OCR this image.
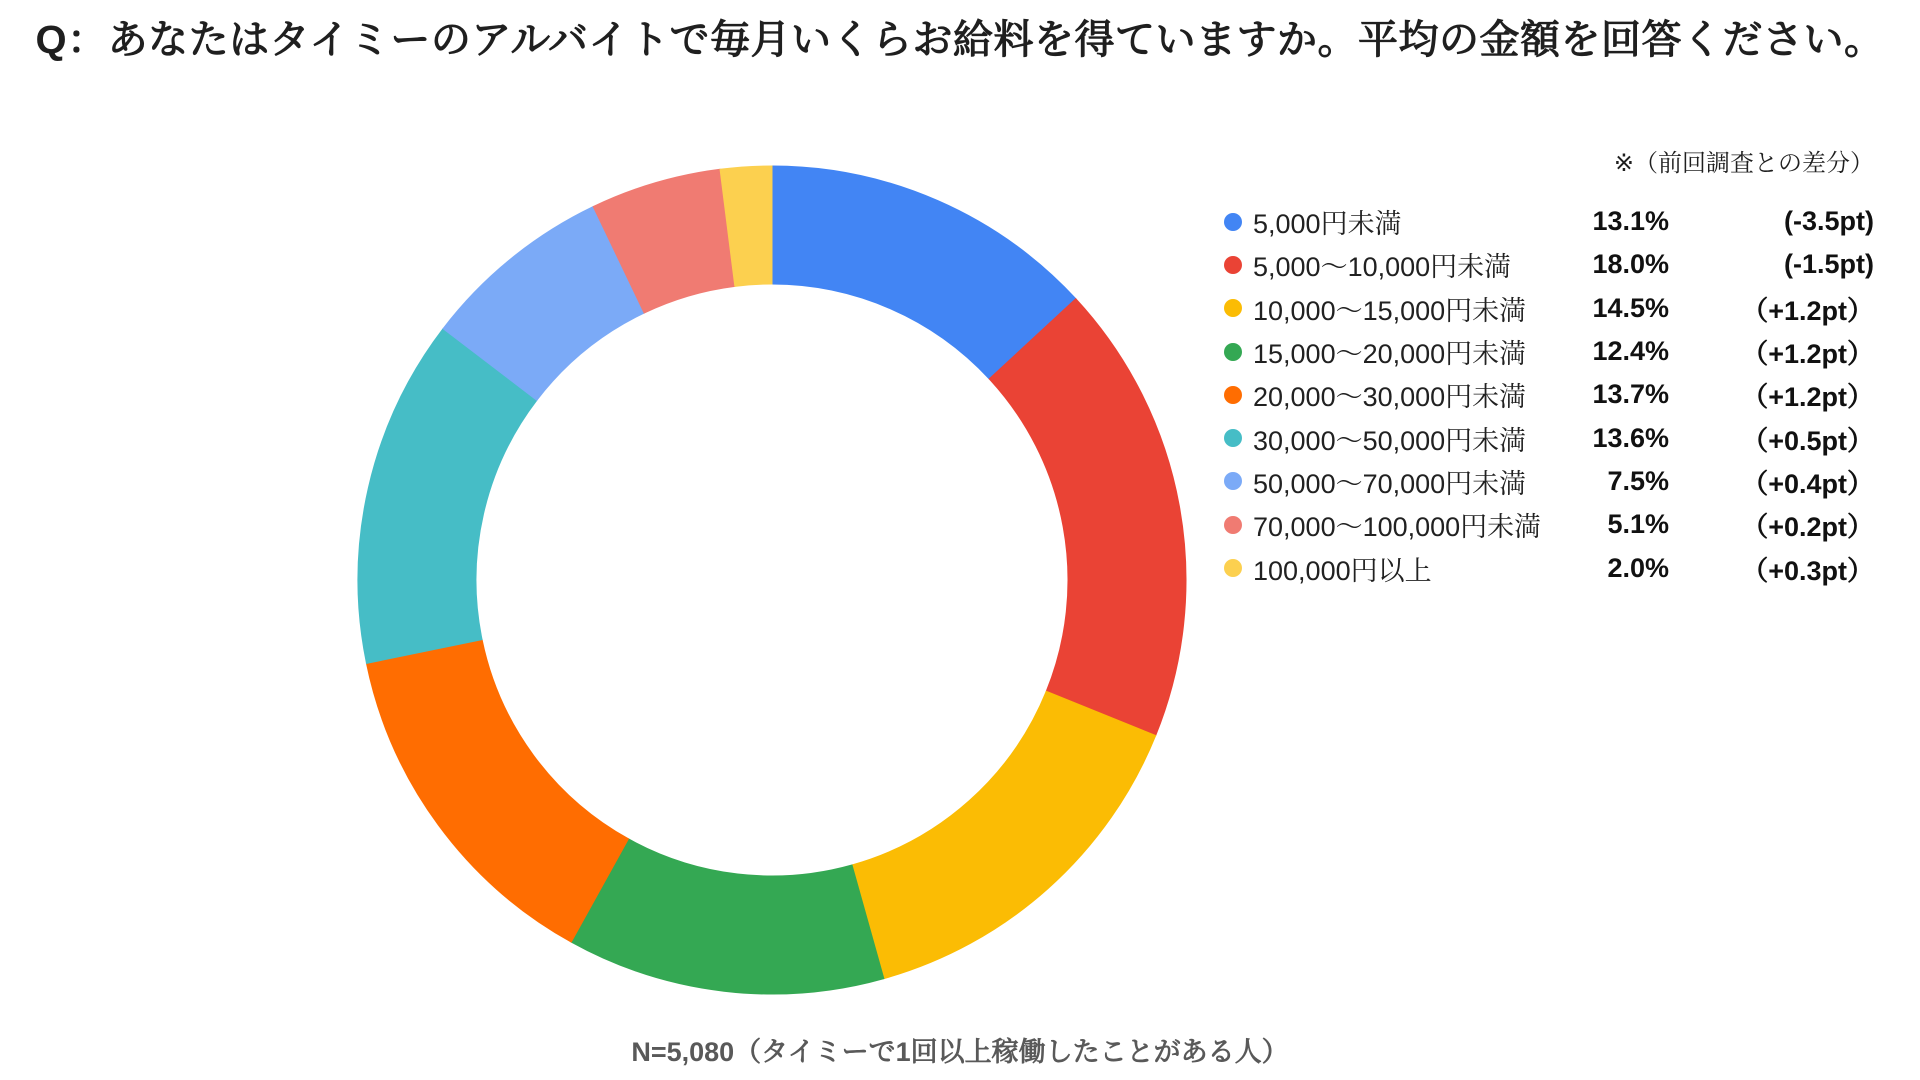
Q：あなたはタイミーのアルバイトで毎月いくらお給料を得ていますか。平均の金額を回答ください。
※（前回調査との差分）
5,000円未満	13.1%	(-3.5pt)
5,000〜10,000円未満	18.0%	(-1.5pt)
10,000〜15,000円未満	14.5%	（+1.2pt）
15,000〜20,000円未満	12.4%	（+1.2pt）
20,000〜30,000円未満	13.7%	（+1.2pt）
30,000〜50,000円未満	13.6%	（+0.5pt）
50,000〜70,000円未満	7.5%	（+0.4pt）
70,000〜100,000円未満	5.1%	（+0.2pt）
100,000円以上	2.0%	（+0.3pt）
N=5,080（タイミーで1回以上稼働したことがある人）
